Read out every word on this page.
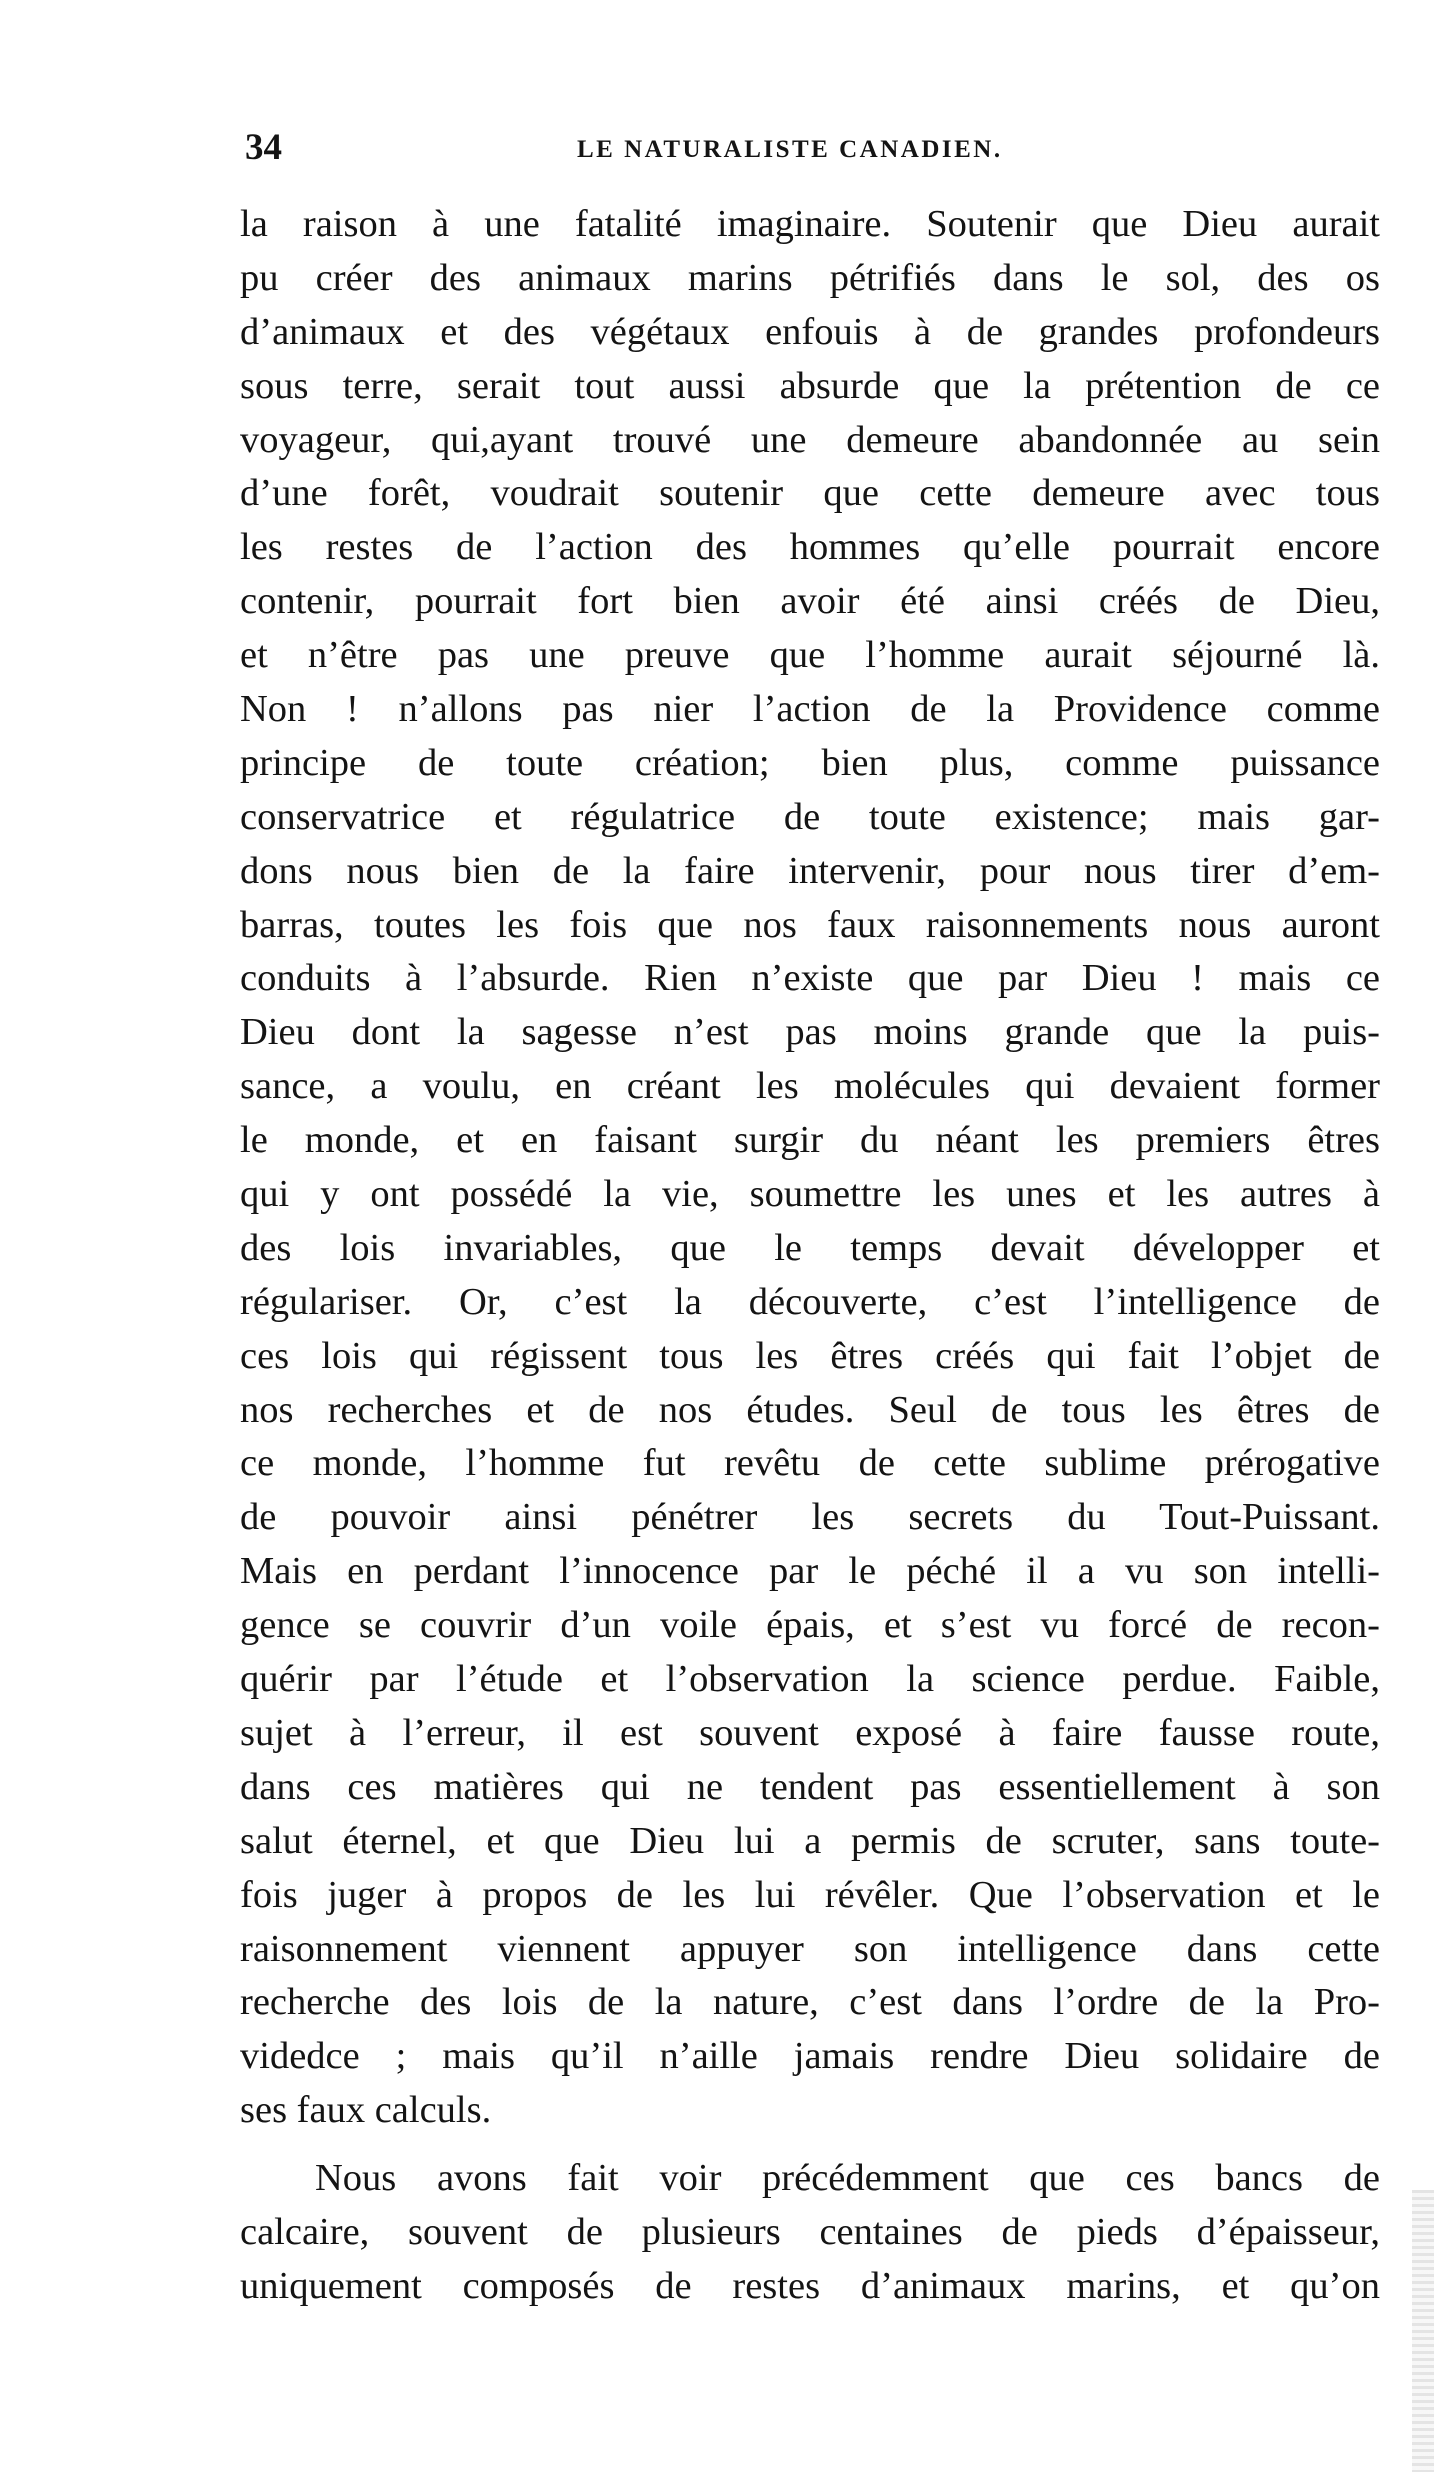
34	LE NATURALISTE CANADIEN.
la raison à une fatalité imaginaire. Soutenir que Dieu aurait
pu créer des animaux marins pétrifiés dans le sol, des os
d’animaux et des végétaux enfouis à de grandes profondeurs
sous terre, serait tout aussi absurde que la prétention de ce
voyageur, qui,ayant trouvé une demeure abandonnée au sein
d’une forêt, voudrait soutenir que cette demeure avec tous
les restes de l’action des hommes qu’elle pourrait encore
contenir, pourrait fort bien avoir été ainsi créés de Dieu,
et n’être pas une preuve que l’homme aurait séjourné là.
Non ! n’allons pas nier l’action de la Providence comme
principe de toute création; bien plus, comme puissance
conservatrice et régulatrice de toute existence; mais gar-
dons nous bien de la faire intervenir, pour nous tirer d’em-
barras, toutes les fois que nos faux raisonnements nous auront
conduits à l’absurde. Rien n’existe que par Dieu ! mais ce
Dieu dont la sagesse n’est pas moins grande que la puis-
sance, a voulu, en créant les molécules qui devaient former
le monde, et en faisant surgir du néant les premiers êtres
qui y ont possédé la vie, soumettre les unes et les autres à
des lois invariables, que le temps devait développer et
régulariser. Or, c’est la découverte, c’est l’intelligence de
ces lois qui régissent tous les êtres créés qui fait l’objet de
nos recherches et de nos études. Seul de tous les êtres de
ce monde, l’homme fut revêtu de cette sublime prérogative
de pouvoir ainsi pénétrer les secrets du Tout-Puissant.
Mais en perdant l’innocence par le péché il a vu son intelli-
gence se couvrir d’un voile épais, et s’est vu forcé de recon-
quérir par l’étude et l’observation la science perdue. Faible,
sujet à l’erreur, il est souvent exposé à faire fausse route,
dans ces matières qui ne tendent pas essentiellement à son
salut éternel, et que Dieu lui a permis de scruter, sans toute-
fois juger à propos de les lui révêler. Que l’observation et le
raisonnement viennent appuyer son intelligence dans cette
recherche des lois de la nature, c’est dans l’ordre de la Pro-
videdce ; mais qu’il n’aille jamais rendre Dieu solidaire de
ses faux calculs.
Nous avons fait voir précédemment que ces bancs de
calcaire, souvent de plusieurs centaines de pieds d’épaisseur,
uniquement composés de restes d’animaux marins, et qu’on
